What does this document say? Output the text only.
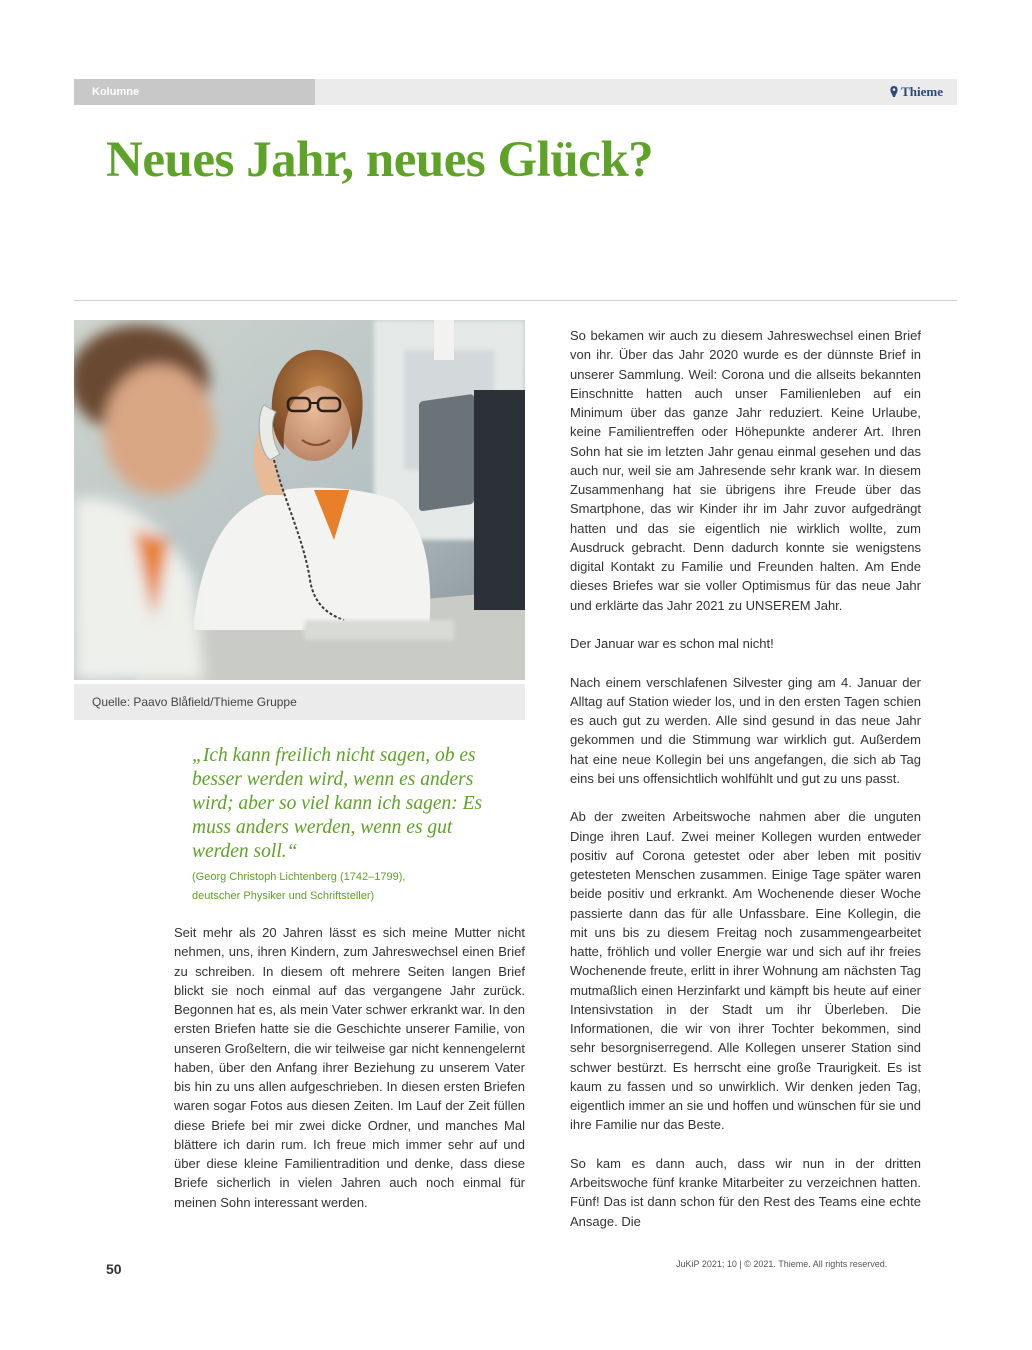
Kolumne	Thieme
Neues Jahr, neues Glück?
Quelle: Paavo Blåfield/Thieme Gruppe

„Ich kann freilich nicht sagen, ob es besser werden wird, wenn es anders wird; aber so viel kann ich sagen: Es muss anders werden, wenn es gut werden soll.“

(Georg Christoph Lichtenberg (1742–1799),
deutscher Physiker und Schriftsteller)

Seit mehr als 20 Jahren lässt es sich meine Mutter nicht nehmen, uns, ihren Kindern, zum Jahreswechsel einen Brief zu schreiben. In diesem oft mehrere Seiten langen Brief blickt sie noch einmal auf das vergangene Jahr zurück. Begonnen hat es, als mein Vater schwer erkrankt war. In den ersten Briefen hatte sie die Geschichte unserer Familie, von unseren Großeltern, die wir teilweise gar nicht kennengelernt haben, über den Anfang ihrer Beziehung zu unserem Vater bis hin zu uns allen aufgeschrieben. In diesen ersten Briefen waren sogar Fotos aus diesen Zeiten. Im Lauf der Zeit füllen diese Briefe bei mir zwei dicke Ordner, und manches Mal blättere ich darin rum. Ich freue mich immer sehr auf und über diese kleine Familientradition und denke, dass diese Briefe sicherlich in vielen Jahren auch noch einmal für meinen Sohn interessant werden.

So bekamen wir auch zu diesem Jahreswechsel einen Brief von ihr. Über das Jahr 2020 wurde es der dünnste Brief in unserer Sammlung. Weil: Corona und die allseits bekannten Einschnitte hatten auch unser Familienleben auf ein Minimum über das ganze Jahr reduziert. Keine Urlaube, keine Familientreffen oder Höhepunkte anderer Art. Ihren Sohn hat sie im letzten Jahr genau einmal gesehen und das auch nur, weil sie am Jahresende sehr krank war. In diesem Zusammenhang hat sie übrigens ihre Freude über das Smartphone, das wir Kinder ihr im Jahr zuvor aufgedrängt hatten und das sie eigentlich nie wirklich wollte, zum Ausdruck gebracht. Denn dadurch konnte sie wenigstens digital Kontakt zu Familie und Freunden halten. Am Ende dieses Briefes war sie voller Optimismus für das neue Jahr und erklärte das Jahr 2021 zu UNSEREM Jahr.

Der Januar war es schon mal nicht!

Nach einem verschlafenen Silvester ging am 4. Januar der Alltag auf Station wieder los, und in den ersten Tagen schien es auch gut zu werden. Alle sind gesund in das neue Jahr gekommen und die Stimmung war wirklich gut. Außerdem hat eine neue Kollegin bei uns angefangen, die sich ab Tag eins bei uns offensichtlich wohlfühlt und gut zu uns passt.

Ab der zweiten Arbeitswoche nahmen aber die unguten Dinge ihren Lauf. Zwei meiner Kollegen wurden entweder positiv auf Corona getestet oder aber leben mit positiv getesteten Menschen zusammen. Einige Tage später waren beide positiv und erkrankt. Am Wochenende dieser Woche passierte dann das für alle Unfassbare. Eine Kollegin, die mit uns bis zu diesem Freitag noch zusammengearbeitet hatte, fröhlich und voller Energie war und sich auf ihr freies Wochenende freute, erlitt in ihrer Wohnung am nächsten Tag mutmaßlich einen Herzinfarkt und kämpft bis heute auf einer Intensivstation in der Stadt um ihr Überleben. Die Informationen, die wir von ihrer Tochter bekommen, sind sehr besorgniserregend. Alle Kollegen unserer Station sind schwer bestürzt. Es herrscht eine große Traurigkeit. Es ist kaum zu fassen und so unwirklich. Wir denken jeden Tag, eigentlich immer an sie und hoffen und wünschen für sie und ihre Familie nur das Beste.

So kam es dann auch, dass wir nun in der dritten Arbeitswoche fünf kranke Mitarbeiter zu verzeichnen hatten. Fünf! Das ist dann schon für den Rest des Teams eine echte Ansage. Die

50	JuKiP 2021; 10 | © 2021. Thieme. All rights reserved.
